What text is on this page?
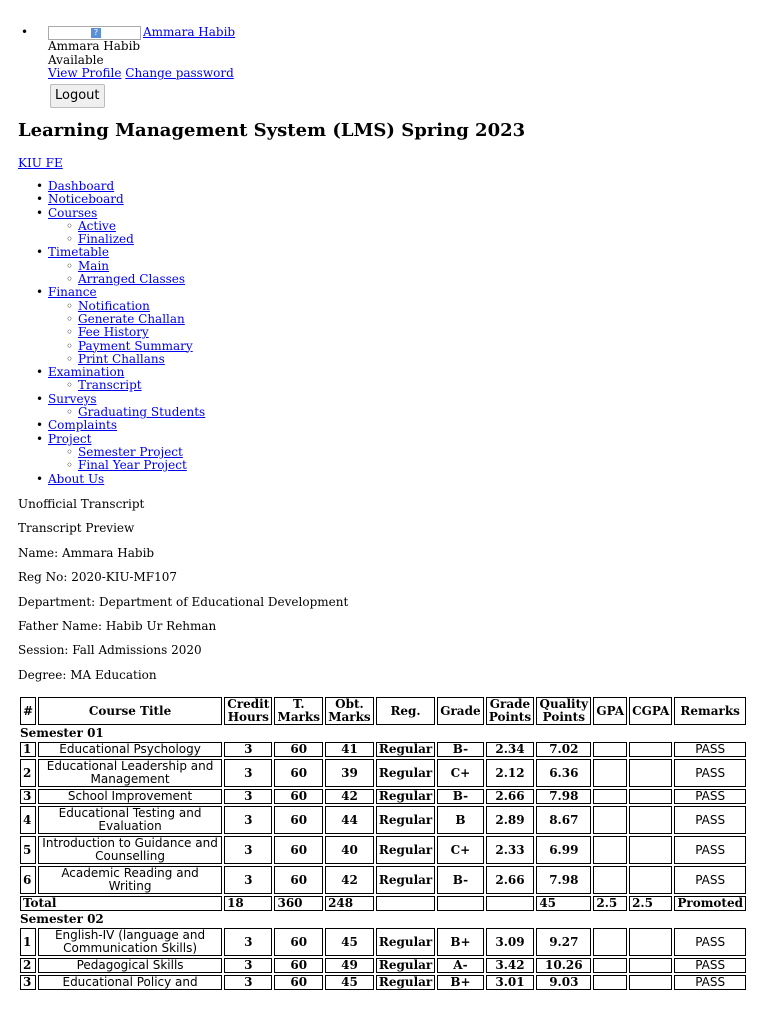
• ?	Ammara Habib
Ammara Habib
Available
View Profile Change password
Logout
Learning Management System (LMS) Spring 2023
KIU FE
• Dashboard
• Noticeboard
• Courses
◦ Active
◦ Finalized
• Timetable
◦ Main
◦ Arranged Classes
• Finance
◦ Notification
◦ Generate Challan
◦ Fee History
◦ Payment Summary
◦ Print Challans
• Examination
◦ Transcript
• Surveys
◦ Graduating Students
• Complaints
• Project
◦ Semester Project
◦ Final Year Project
• About Us

Unofficial Transcript

Transcript Preview

Name: Ammara Habib

Reg No: 2020-KIU-MF107

Department: Department of Educational Development

Father Name: Habib Ur Rehman

Session: Fall Admissions 2020

Degree: MA Education

#	Course Title	Credit Hours	T. Marks	Obt. Marks	Reg.	Grade	Grade Points	Quality Points	GPA	CGPA	Remarks
Semester 01											
1	Educational Psychology	3	60	41	Regular	B-	2.34	7.02			PASS
2	Educational Leadership and Management	3	60	39	Regular	C+	2.12	6.36			PASS
3	School Improvement	3	60	42	Regular	B-	2.66	7.98			PASS
4	Educational Testing and Evaluation	3	60	44	Regular	B	2.89	8.67			PASS
5	Introduction to Guidance and Counselling	3	60	40	Regular	C+	2.33	6.99			PASS
6	Academic Reading and Writing	3	60	42	Regular	B-	2.66	7.98			PASS
Total		18	360	248				45	2.5	2.5	Promoted
Semester 02											
1	English-IV (language and Communication Skills)	3	60	45	Regular	B+	3.09	9.27			PASS
2	Pedagogical Skills	3	60	49	Regular	A-	3.42	10.26			PASS
3	Educational Policy and	3	60	45	Regular	B+	3.01	9.03			PASS
